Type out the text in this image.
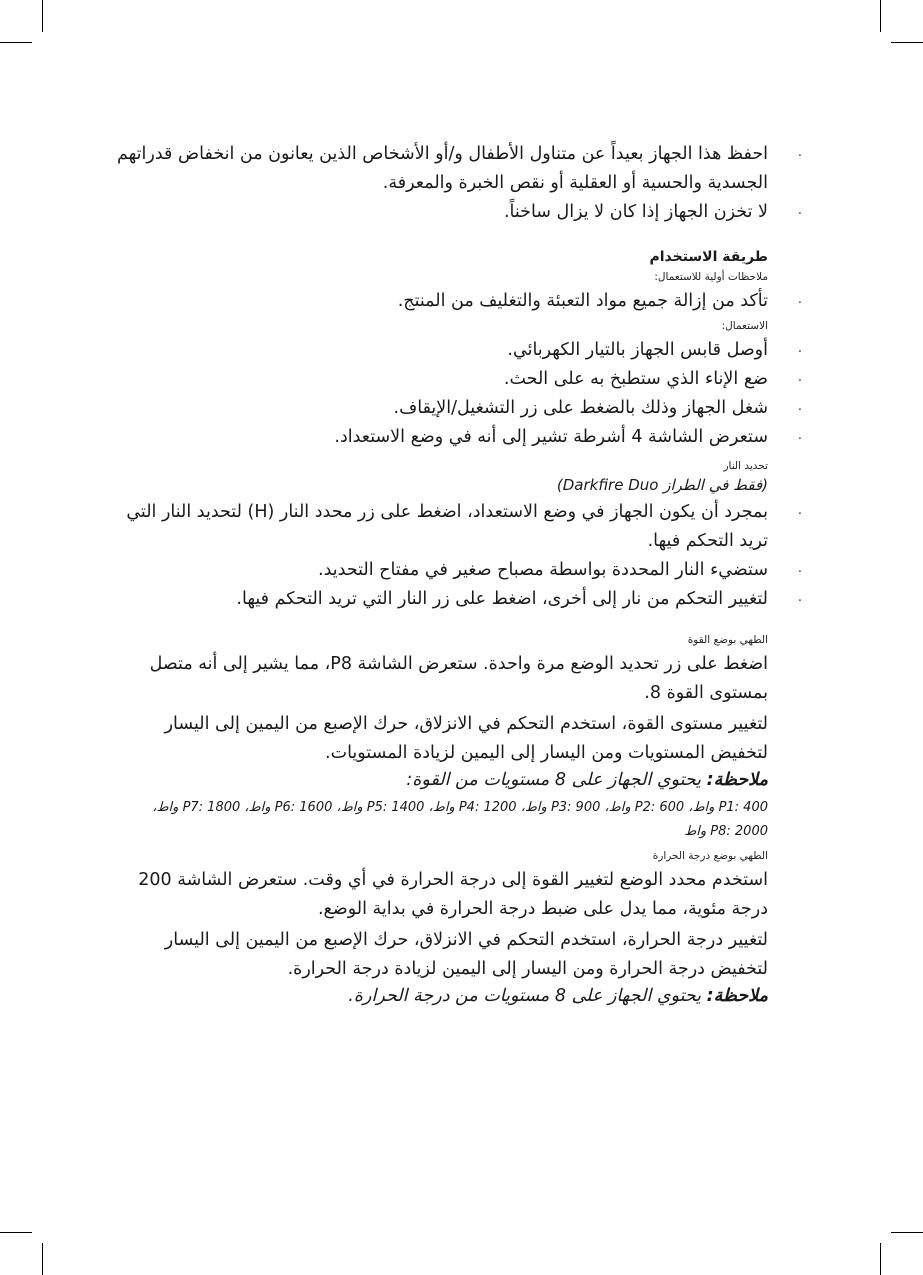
. احفظ هذا الجهاز بعيداً عن متناول الأطفال و/أو الأشخاص الذين يعانون من انخفاض قدراتهم الجسدية والحسية أو العقلية أو نقص الخبرة والمعرفة.

. لا تخزن الجهاز إذا كان لا يزال ساخناً.

طريقة الاستخدام
ملاحظات أولية للاستعمال:

. تأكد من إزالة جميع مواد التعبئة والتغليف من المنتج.

الاستعمال:

. أوصل قابس الجهاز بالتيار الكهربائي.

. ضع الإناء الذي ستطبخ به على الحث.

. شغل الجهاز وذلك بالضغط على زر التشغيل/الإيقاف.

. ستعرض الشاشة 4 أشرطة تشير إلى أنه في وضع الاستعداد.

تحديد النار
(فقط في الطراز Darkfire Duo)

. بمجرد أن يكون الجهاز في وضع الاستعداد، اضغط على زر محدد النار (H) لتحديد النار التي تريد التحكم فيها.

. ستضيء النار المحددة بواسطة مصباح صغير في مفتاح التحديد.

. لتغيير التحكم من نار إلى أخرى، اضغط على زر النار التي تريد التحكم فيها.

الطهي بوضع القوة

اضغط على زر تحديد الوضع مرة واحدة. ستعرض الشاشة P8، مما يشير إلى أنه متصل بمستوى القوة 8.

لتغيير مستوى القوة، استخدم التحكم في الانزلاق، حرك الإصبع من اليمين إلى اليسار لتخفيض المستويات ومن اليسار إلى اليمين لزيادة المستويات.

ملاحظة: يحتوي الجهاز على 8 مستويات من القوة:

P1: 400 واط، P2: 600 واط، P3: 900 واط، P4: 1200 واط، P5: 1400 واط، P6: 1600 واط، P7: 1800 واط،
P8: 2000 واط
الطهي بوضع درجة الحرارة

استخدم محدد الوضع لتغيير القوة إلى درجة الحرارة في أي وقت. ستعرض الشاشة 200 درجة مئوية، مما يدل على ضبط درجة الحرارة في بداية الوضع.

لتغيير درجة الحرارة، استخدم التحكم في الانزلاق، حرك الإصبع من اليمين إلى اليسار لتخفيض درجة الحرارة ومن اليسار إلى اليمين لزيادة درجة الحرارة.

ملاحظة: يحتوي الجهاز على 8 مستويات من درجة الحرارة.
